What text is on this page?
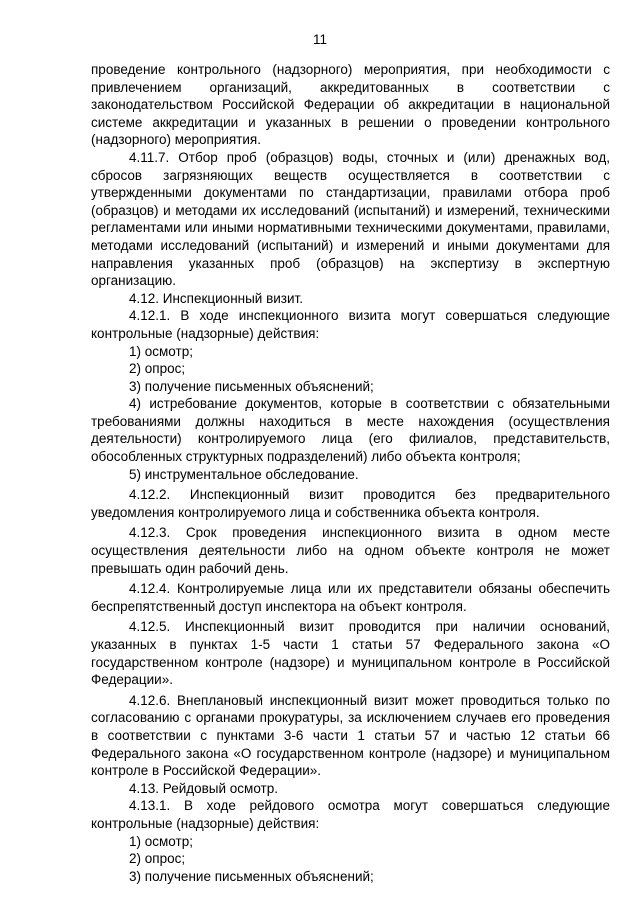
11

проведение контрольного (надзорного) мероприятия, при необходимости с привлечением организаций, аккредитованных в соответствии с законодательством Российской Федерации об аккредитации в национальной системе аккредитации и указанных в решении о проведении контрольного (надзорного) мероприятия.

4.11.7. Отбор проб (образцов) воды, сточных и (или) дренажных вод, сбросов загрязняющих веществ осуществляется в соответствии с утвержденными документами по стандартизации, правилами отбора проб (образцов) и методами их исследований (испытаний) и измерений, техническими регламентами или иными нормативными техническими документами, правилами, методами исследований (испытаний) и измерений и иными документами для направления указанных проб (образцов) на экспертизу в экспертную организацию.

4.12. Инспекционный визит.

4.12.1. В ходе инспекционного визита могут совершаться следующие контрольные (надзорные) действия:

1) осмотр;

2) опрос;

3) получение письменных объяснений;

4) истребование документов, которые в соответствии с обязательными требованиями должны находиться в месте нахождения (осуществления деятельности) контролируемого лица (его филиалов, представительств, обособленных структурных подразделений) либо объекта контроля;

5) инструментальное обследование.

4.12.2. Инспекционный визит проводится без предварительного уведомления контролируемого лица и собственника объекта контроля.

4.12.3. Срок проведения инспекционного визита в одном месте осуществления деятельности либо на одном объекте контроля не может превышать один рабочий день.

4.12.4. Контролируемые лица или их представители обязаны обеспечить беспрепятственный доступ инспектора на объект контроля.

4.12.5. Инспекционный визит проводится при наличии оснований, указанных в пунктах 1-5 части 1 статьи 57 Федерального закона «О государственном контроле (надзоре) и муниципальном контроле в Российской Федерации».

4.12.6. Внеплановый инспекционный визит может проводиться только по согласованию с органами прокуратуры, за исключением случаев его проведения в соответствии с пунктами 3-6 части 1 статьи 57 и частью 12 статьи 66 Федерального закона «О государственном контроле (надзоре) и муниципальном контроле в Российской Федерации».

4.13. Рейдовый осмотр.

4.13.1. В ходе рейдового осмотра могут совершаться следующие контрольные (надзорные) действия:

1) осмотр;

2) опрос;

3) получение письменных объяснений;
